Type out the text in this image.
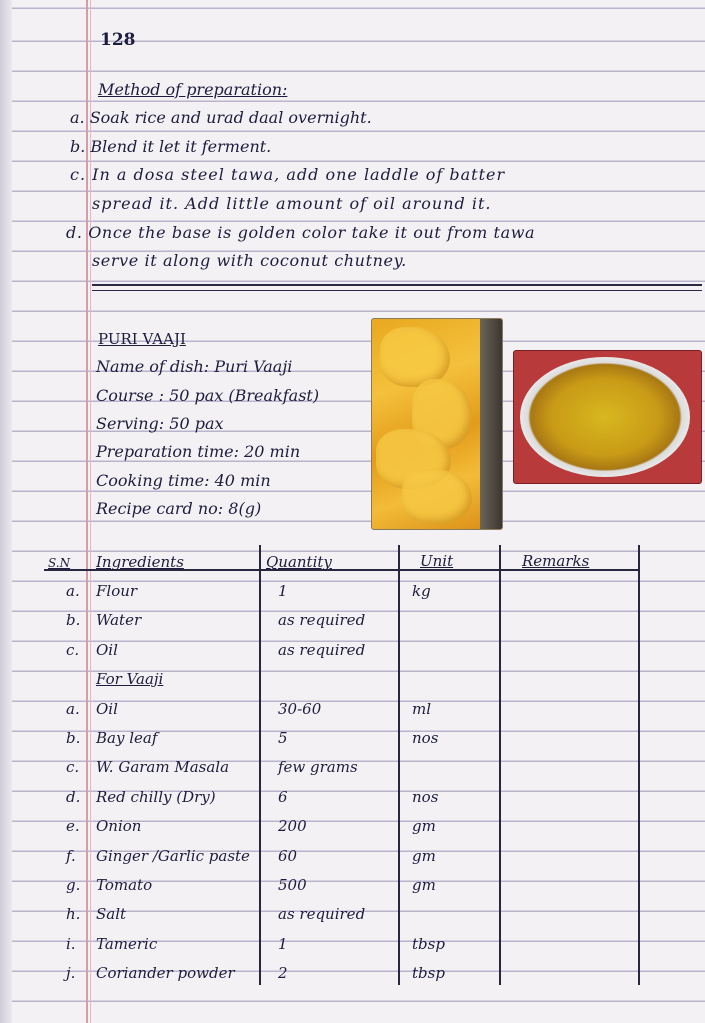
128
Method of preparation:
a. Soak rice and urad daal overnight.
b. Blend it let it ferment.
c. In a dosa steel tawa, add one laddle of batter
spread it. Add little amount of oil around it.
d. Once the base is golden color take it out from tawa
serve it along with coconut chutney.
PURI VAAJI
Name of dish: Puri Vaaji
Course : 50 pax (Breakfast)
Serving: 50 pax
Preparation time: 20 min
Cooking time: 40 min
Recipe card no: 8(g)
S.N Ingredients	Quantity	Unit	Remarks
a. Flour	1	kg
b. Water	as required
c. Oil	as required
For Vaaji
a. Oil	30-60	ml
b. Bay leaf	5	nos
c. W. Garam Masala	few grams
d. Red chilly (Dry)	6	nos
e. Onion	200	gm
f. Ginger /Garlic paste 60	gm
g. Tomato	500	gm
h. Salt	as required
i. Tameric	1	tbsp
j. Coriander powder	2	tbsp
